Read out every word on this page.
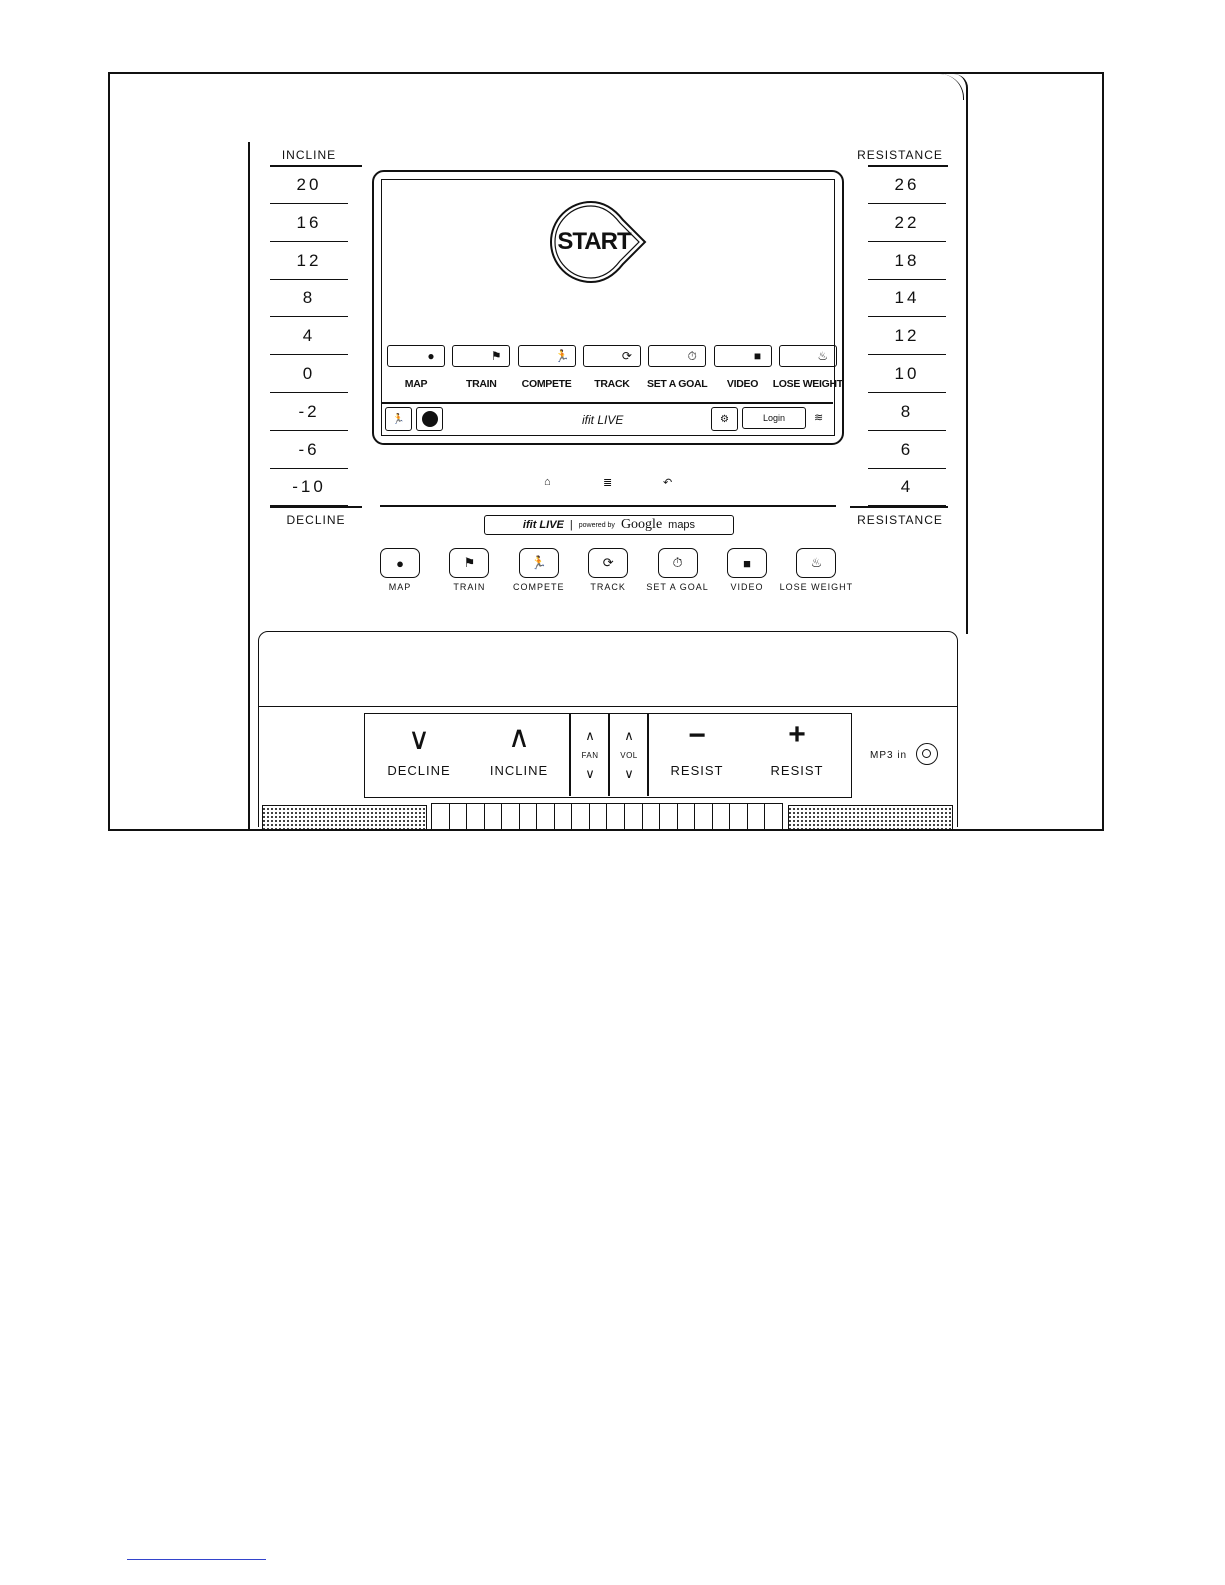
INCLINE
20
16
12
8
4
0
-2
-6
-10
DECLINE
RESISTANCE
26
22
18
14
12
10
8
6
4
RESISTANCE
START
●
MAP
⚑
TRAIN
🏃
COMPETE
⟳
TRACK
⏱
SET A GOAL
■
VIDEO
♨
LOSE WEIGHT
🏃	ifit LIVE	⚙	Login	≋
⌂	≣	↶
ifit LIVE | powered by Google maps
●
MAP
⚑
TRAIN
🏃
COMPETE
⟳
TRACK
⏱
SET A GOAL
■
VIDEO
♨
LOSE WEIGHT
∨
DECLINE
∧
INCLINE
∧
FAN
∨
∧
VOL
∨
−
RESIST
+
RESIST
MP3 in
